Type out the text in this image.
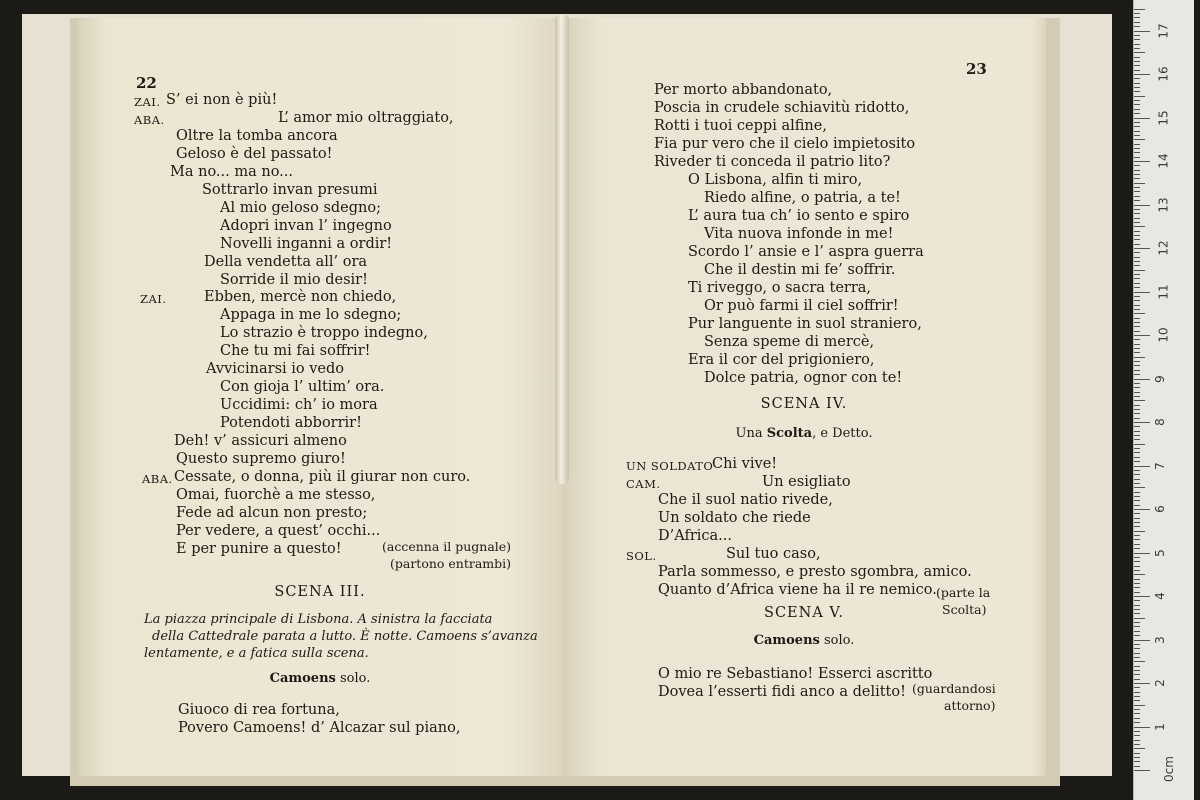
22
ZAI. S’ ei non è più!
ABA.	L’ amor mio oltraggiato,
Oltre la tomba ancora
Geloso è del passato!
Ma no... ma no...
Sottrarlo invan presumi
Al mio geloso sdegno;
Adopri invan l’ ingegno
Novelli inganni a ordir!
Della vendetta all’ ora
Sorride il mio desir!
ZAI.	Ebben, mercè non chiedo,
Appaga in me lo sdegno;
Lo strazio è troppo indegno,
Che tu mi fai soffrir!
Avvicinarsi io vedo
Con gioja l’ ultim’ ora.
Uccidimi: ch’ io mora
Potendoti abborrir!
Deh! v’ assicuri almeno
Questo supremo giuro!
ABA. Cessate, o donna, più il giurar non curo.
Omai, fuorchè a me stesso,
Fede ad alcun non presto;
Per vedere, a quest’ occhi...
E per punire a questo!	(accenna il pugnale)
(partono entrambi)
SCENA III.
La piazza principale di Lisbona. A sinistra la facciata
della Cattedrale parata a lutto. È notte. Camoens s’avanza
lentamente, e a fatica sulla scena.
Camoens solo.
Giuoco di rea fortuna,
Povero Camoens! d’ Alcazar sul piano,
23
Per morto abbandonato,
Poscia in crudele schiavitù ridotto,
Rotti i tuoi ceppi alfine,
Fia pur vero che il cielo impietosito
Riveder ti conceda il patrio lito?
O Lisbona, alfin ti miro,
Riedo alfine, o patria, a te!
L’ aura tua ch’ io sento e spiro
Vita nuova infonde in me!
Scordo l’ ansie e l’ aspra guerra
Che il destin mi fe’ soffrir.
Ti riveggo, o sacra terra,
Or può farmi il ciel soffrir!
Pur languente in suol straniero,
Senza speme di mercè,
Era il cor del prigioniero,
Dolce patria, ognor con te!
SCENA IV.
Una Scolta, e Detto.
UN SOLDATO
Chi vive!
CAM.	Un esigliato
Che il suol natio rivede,
Un soldato che riede
D’Africa...
SOL.	Sul tuo caso,
Parla sommesso, e presto sgombra, amico.
Quanto d’Africa viene ha il re nemico. (parte la
Scolta)
SCENA V.
Camoens solo.
O mio re Sebastiano! Esserci ascritto
Dovea l’esserti fidi anco a delitto! (guardandosi
attorno)
0cm
1
2
3
4
5
6
7
8
9
10
11
12
13
14
15
16
17
